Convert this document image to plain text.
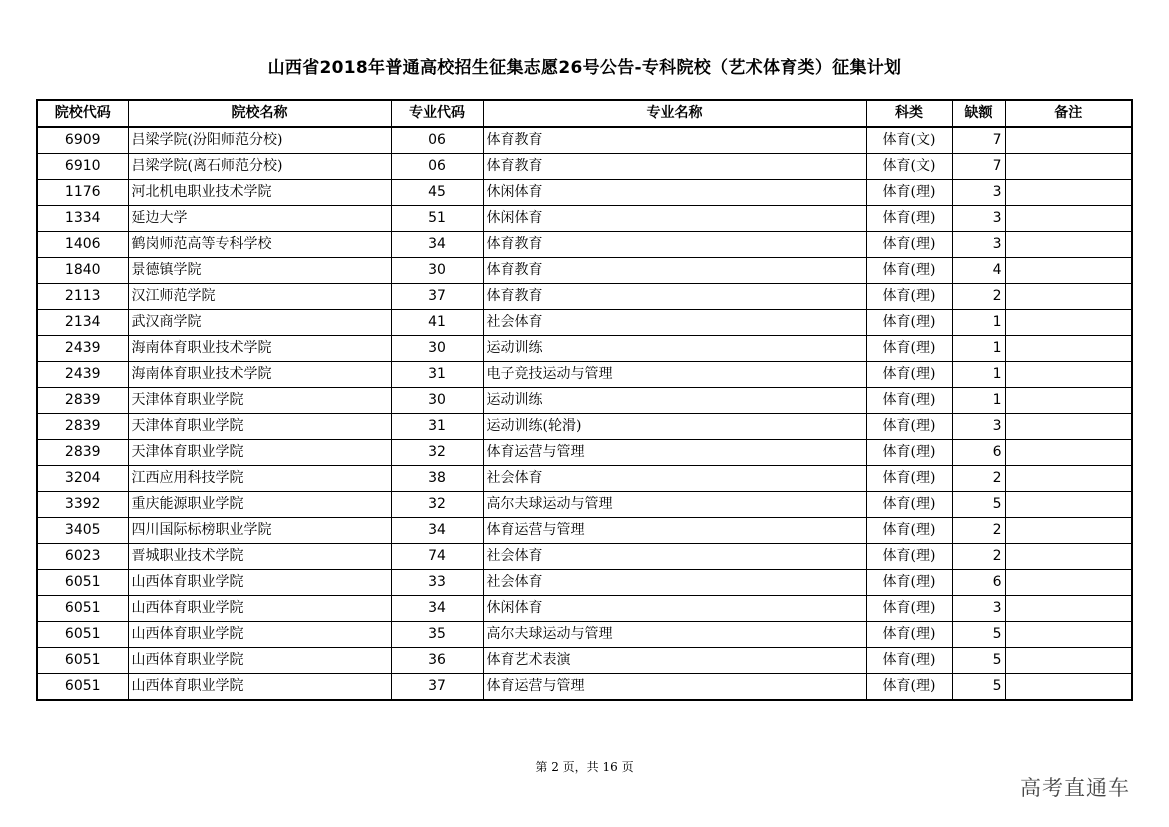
山西省2018年普通高校招生征集志愿26号公告-专科院校（艺术体育类）征集计划
院校代码	院校名称	专业代码	专业名称	科类	缺额	备注
6909	吕梁学院(汾阳师范分校)	06	体育教育	体育(文)	7	
6910	吕梁学院(离石师范分校)	06	体育教育	体育(文)	7	
1176	河北机电职业技术学院	45	休闲体育	体育(理)	3	
1334	延边大学	51	休闲体育	体育(理)	3	
1406	鹤岗师范高等专科学校	34	体育教育	体育(理)	3	
1840	景德镇学院	30	体育教育	体育(理)	4	
2113	汉江师范学院	37	体育教育	体育(理)	2	
2134	武汉商学院	41	社会体育	体育(理)	1	
2439	海南体育职业技术学院	30	运动训练	体育(理)	1	
2439	海南体育职业技术学院	31	电子竞技运动与管理	体育(理)	1	
2839	天津体育职业学院	30	运动训练	体育(理)	1	
2839	天津体育职业学院	31	运动训练(轮滑)	体育(理)	3	
2839	天津体育职业学院	32	体育运营与管理	体育(理)	6	
3204	江西应用科技学院	38	社会体育	体育(理)	2	
3392	重庆能源职业学院	32	高尔夫球运动与管理	体育(理)	5	
3405	四川国际标榜职业学院	34	体育运营与管理	体育(理)	2	
6023	晋城职业技术学院	74	社会体育	体育(理)	2	
6051	山西体育职业学院	33	社会体育	体育(理)	6	
6051	山西体育职业学院	34	休闲体育	体育(理)	3	
6051	山西体育职业学院	35	高尔夫球运动与管理	体育(理)	5	
6051	山西体育职业学院	36	体育艺术表演	体育(理)	5	
6051	山西体育职业学院	37	体育运营与管理	体育(理)	5	
第 2 页，共 16 页
高考直通车
